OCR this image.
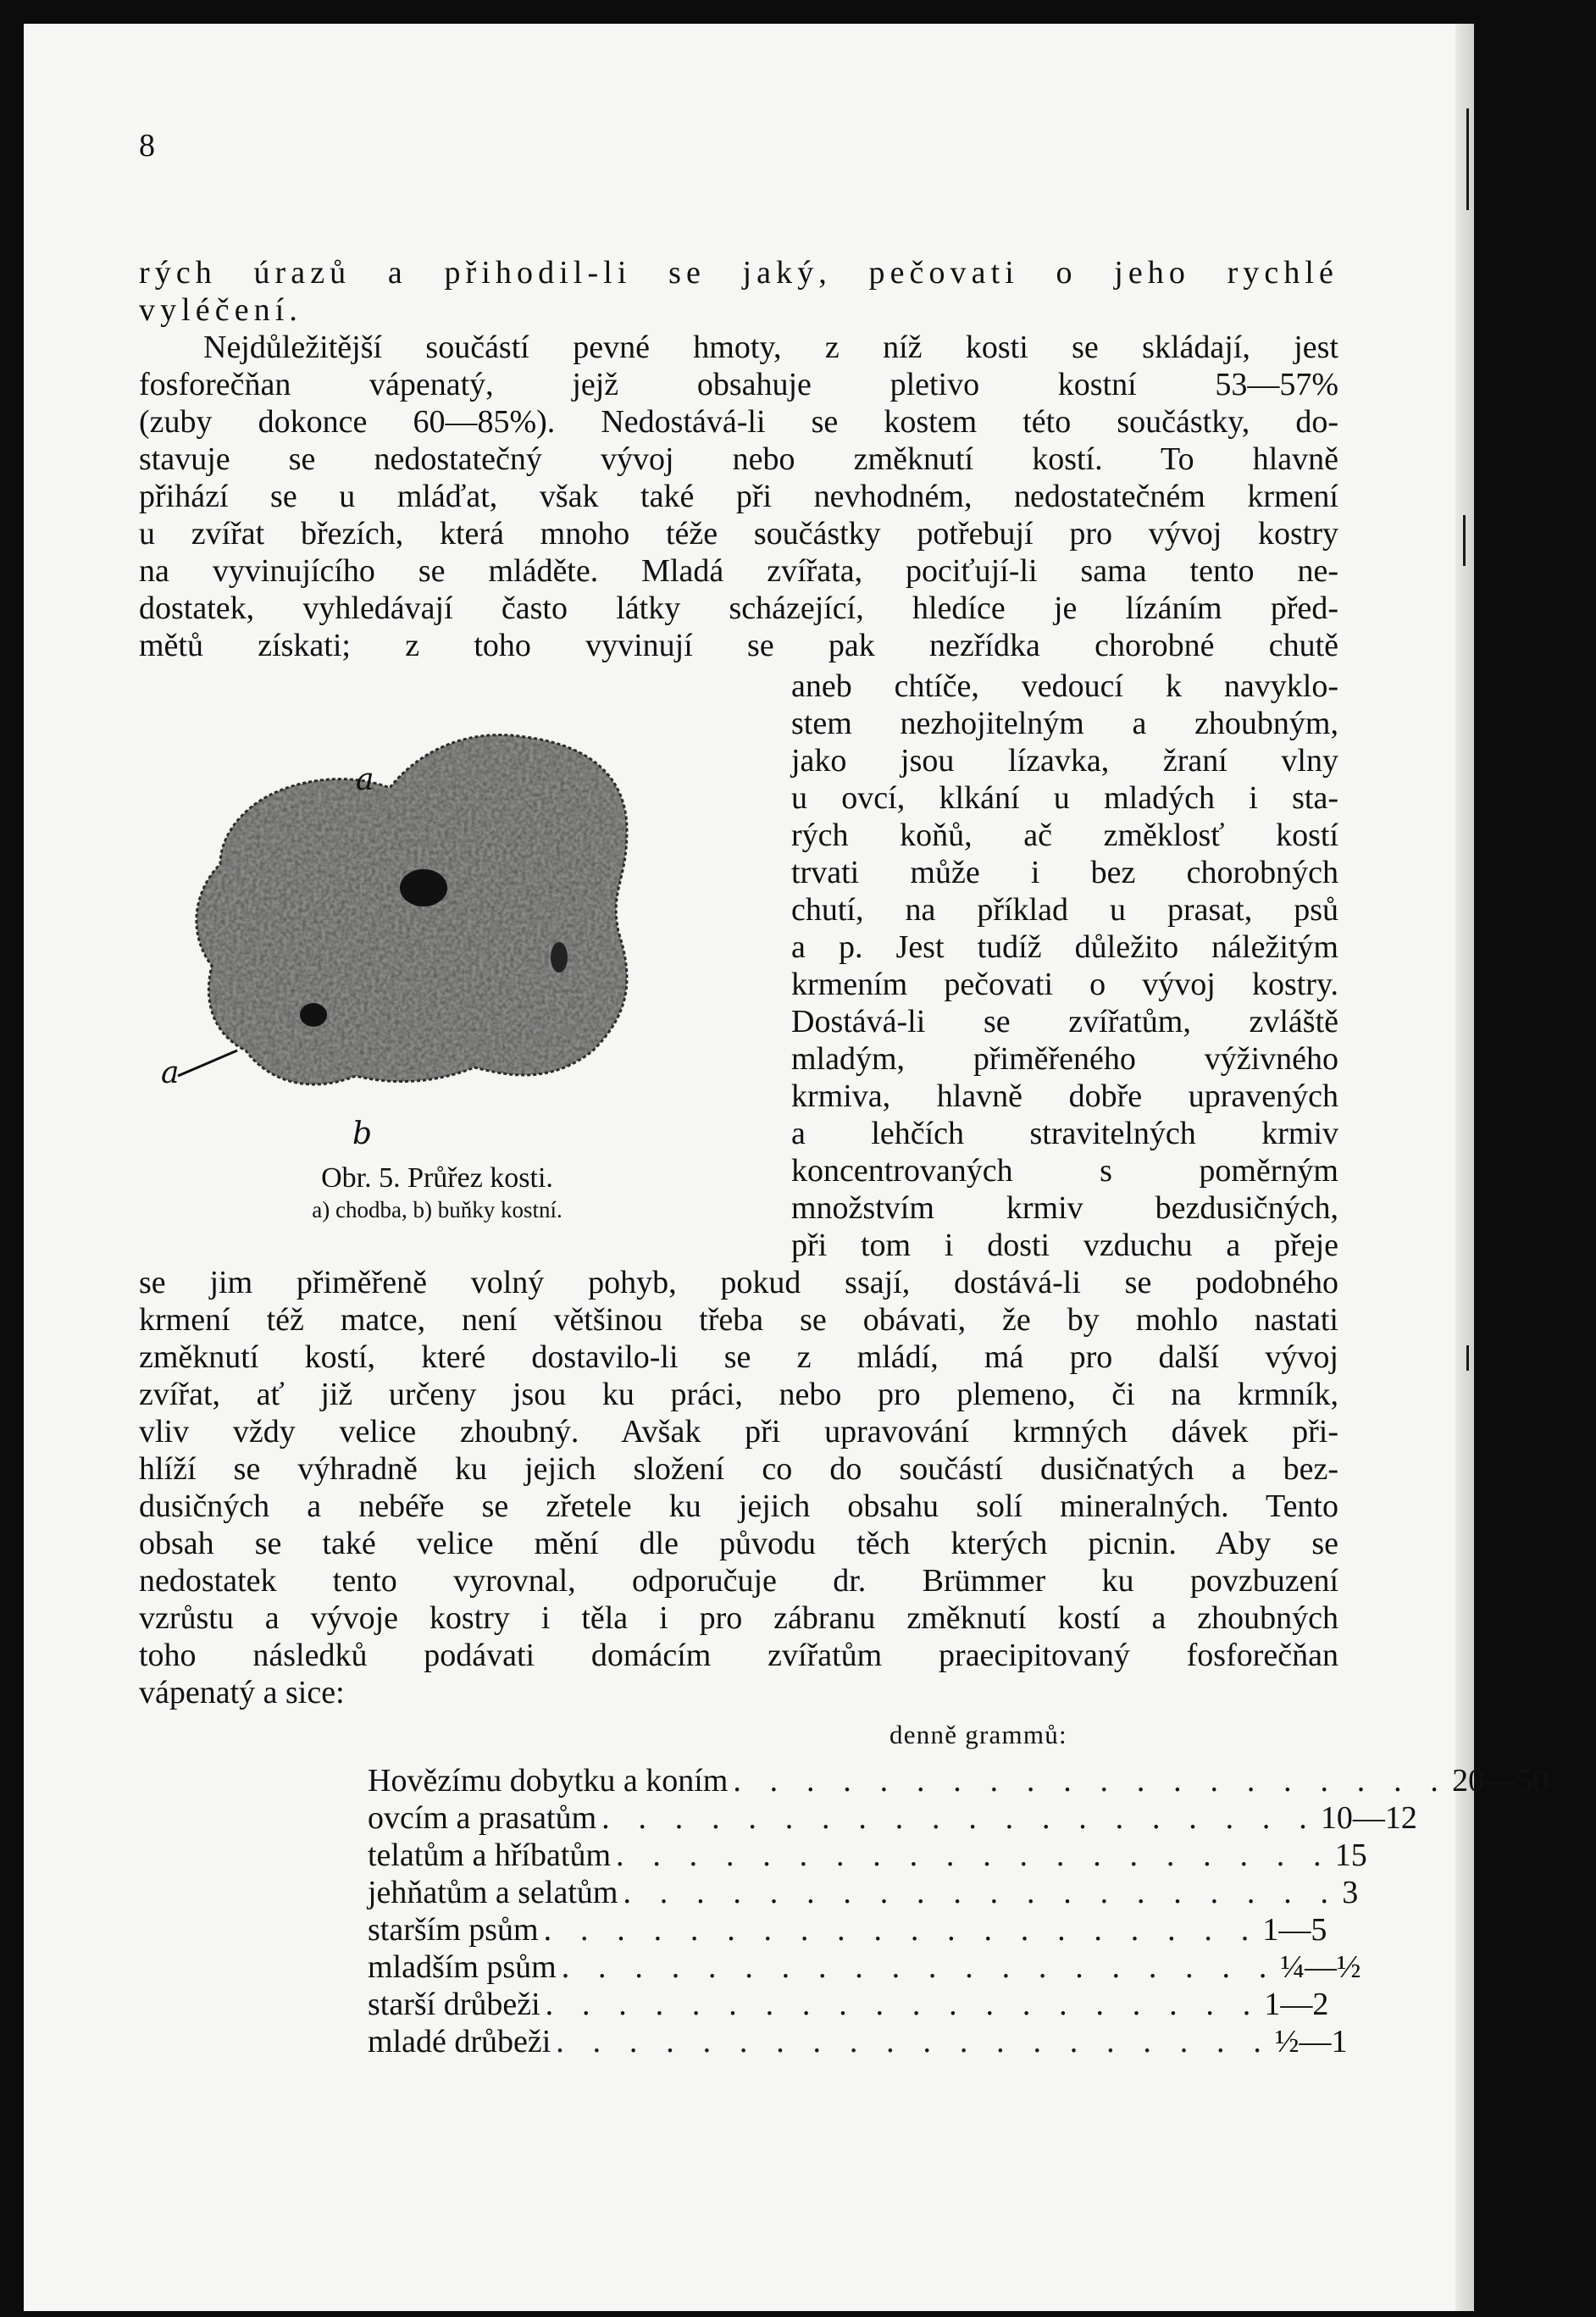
8
rých úrazů a přihodil-li se jaký, pečovati o jeho rychlé
vyléčení.
Nejdůležitější součástí pevné hmoty, z níž kosti se skládají, jest
fosforečňan vápenatý, jejž obsahuje pletivo kostní 53—57%
(zuby dokonce 60—85%). Nedostává-li se kostem této součástky, do-
stavuje se nedostatečný vývoj nebo změknutí kostí. To hlavně
přihází se u mláďat, však také při nevhodném, nedostatečném krmení
u zvířat březích, která mnoho téže součástky potřebují pro vývoj kostry
na vyvinujícího se mláděte. Mladá zvířata, pociťují-li sama tento ne-
dostatek, vyhledávají často látky scházející, hledíce je lízáním před-
mětů získati; z toho vyvinují se pak nezřídka chorobné chutě
aneb chtíče, vedoucí k navyklo-
stem nezhojitelným a zhoubným,
jako jsou lízavka, žraní vlny
u ovcí, klkání u mladých i sta-
rých koňů, ač změklosť kostí
trvati může i bez chorobných
chutí, na příklad u prasat, psů
a p. Jest tudíž důležito náležitým
krmením pečovati o vývoj kostry.
Dostává-li se zvířatům, zvláště
mladým, přiměřeného výživného
krmiva, hlavně dobře upravených
a lehčích stravitelných krmiv
koncentrovaných s poměrným
množstvím krmiv bezdusičných,
při tom i dosti vzduchu a přeje
se jim přiměřeně volný pohyb, pokud ssají, dostává-li se podobného
krmení též matce, není většinou třeba se obávati, že by mohlo nastati
změknutí kostí, které dostavilo-li se z mládí, má pro další vývoj
zvířat, ať již určeny jsou ku práci, nebo pro plemeno, či na krmník,
vliv vždy velice zhoubný. Avšak při upravování krmných dávek při-
hlíží se výhradně ku jejich složení co do součástí dusičnatých a bez-
dusičných a nebéře se zřetele ku jejich obsahu solí mineralných. Tento
obsah se také velice mění dle původu těch kterých picnin. Aby se
nedostatek tento vyrovnal, odporučuje dr. Brümmer ku povzbuzení
vzrůstu a vývoje kostry i těla i pro zábranu změknutí kostí a zhoubných
toho následků podávati domácím zvířatům praecipitovaný fosforečňan
vápenatý a sice:
a
a
b
Obr. 5. Průřez kosti.
a) chodba, b) buňky kostní.
denně grammů:
Hovězímu dobytku a koním . . . . . . . . . . . . . . . . . . . . 20—50
ovcím a prasatům . . . . . . . . . . . . . . . . . . . . 10—12
telatům a hříbatům . . . . . . . . . . . . . . . . . . . . 15
jehňatům a selatům . . . . . . . . . . . . . . . . . . . . 3
starším psům . . . . . . . . . . . . . . . . . . . . 1—5
mladším psům . . . . . . . . . . . . . . . . . . . . ¼—½
starší drůbeži . . . . . . . . . . . . . . . . . . . . 1—2
mladé drůbeži . . . . . . . . . . . . . . . . . . . . ½—1
